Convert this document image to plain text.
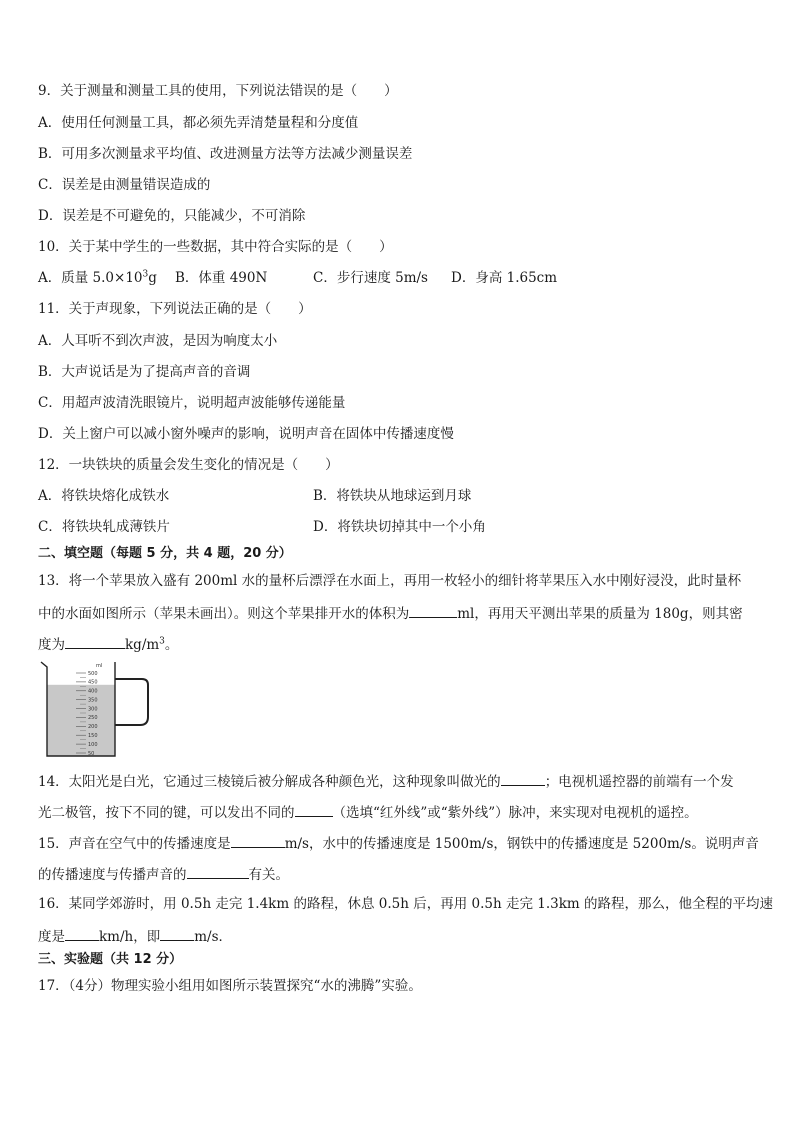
9．关于测量和测量工具的使用，下列说法错误的是（　　）
A．使用任何测量工具，都必须先弄清楚量程和分度值
B．可用多次测量求平均值、改进测量方法等方法减少测量误差
C．误差是由测量错误造成的
D．误差是不可避免的，只能减少，不可消除
10．关于某中学生的一些数据，其中符合实际的是（　　）
A．质量 $5.0\times 10^3g$ B．体重 490N	C．步行速度 5m/s D．身高 1.65cm
11．关于声现象，下列说法正确的是（　　）
A．人耳听不到次声波，是因为响度太小
B．大声说话是为了提高声音的音调
C．用超声波清洗眼镜片，说明超声波能够传递能量
D．关上窗户可以减小窗外噪声的影响，说明声音在固体中传播速度慢
12．一块铁块的质量会发生变化的情况是（　　）
A．将铁块熔化成铁水	B．将铁块从地球运到月球
C．将铁块轧成薄铁片	D．将铁块切掉其中一个小角
二、填空题（每题 5 分，共 4 题，20 分）
13．将一个苹果放入盛有 200ml 水的量杯后漂浮在水面上，再用一枚轻小的细针将苹果压入水中刚好浸没，此时量杯
中的水面如图所示（苹果未画出）。则这个苹果排开水的体积为	ml，再用天平测出苹果的质量为 180g，则其密
度为	$kg/m^3$。
ml
500
450
400
350
300
250
200
150
100
50
14．太阳光是白光，它通过三棱镜后被分解成各种颜色光，这种现象叫做光的	；电视机遥控器的前端有一个发
光二极管，按下不同的键，可以发出不同的	（选填“红外线”或“紫外线”）脉冲，来实现对电视机的遥控。
15．声音在空气中的传播速度是	m/s，水中的传播速度是 1500m/s，钢铁中的传播速度是 5200m/s。说明声音
的传播速度与传播声音的	有关。
16．某同学郊游时，用 0.5h 走完 1.4km 的路程，休息 0.5h 后，再用 0.5h 走完 1.3km 的路程，那么，他全程的平均速
度是	km/h，即	m/s．
三、实验题（共 12 分）
17．（4分）物理实验小组用如图所示装置探究“水的沸腾”实验。
